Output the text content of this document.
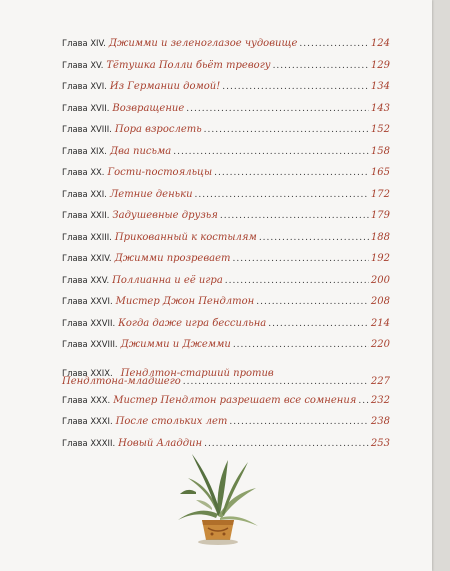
Глава XIV. Джимми и зеленоглазое чудовище .....	124
Глава XV. Тётушка Полли бьёт тревогу .....	129
Глава XVI. Из Германии домой! .....	134
Глава XVII. Возвращение .....	143
Глава XVIII. Пора взрослеть .....	152
Глава XIX. Два письма .....	158
Глава XX. Гости-постояльцы .....	165
Глава XXI. Летние деньки .....	172
Глава XXII. Задушевные друзья .....	179
Глава XXIII. Прикованный к костылям .....	188
Глава XXIV. Джимми прозревает .....	192
Глава XXV. Поллианна и её игра .....	200
Глава XXVI. Мистер Джон Пендлтон .....	208
Глава XXVII. Когда даже игра бессильна .....	214
Глава XXVIII. Джимми и Джемми .....	220
Глава XXIX. Пендлтон-старший против
Пендлтона-младшего .....	227
Глава XXX. Мистер Пендлтон разрешает все сомнения ..... 232
Глава XXXI. После стольких лет .....	238
Глава XXXII. Новый Аладдин .....	253
